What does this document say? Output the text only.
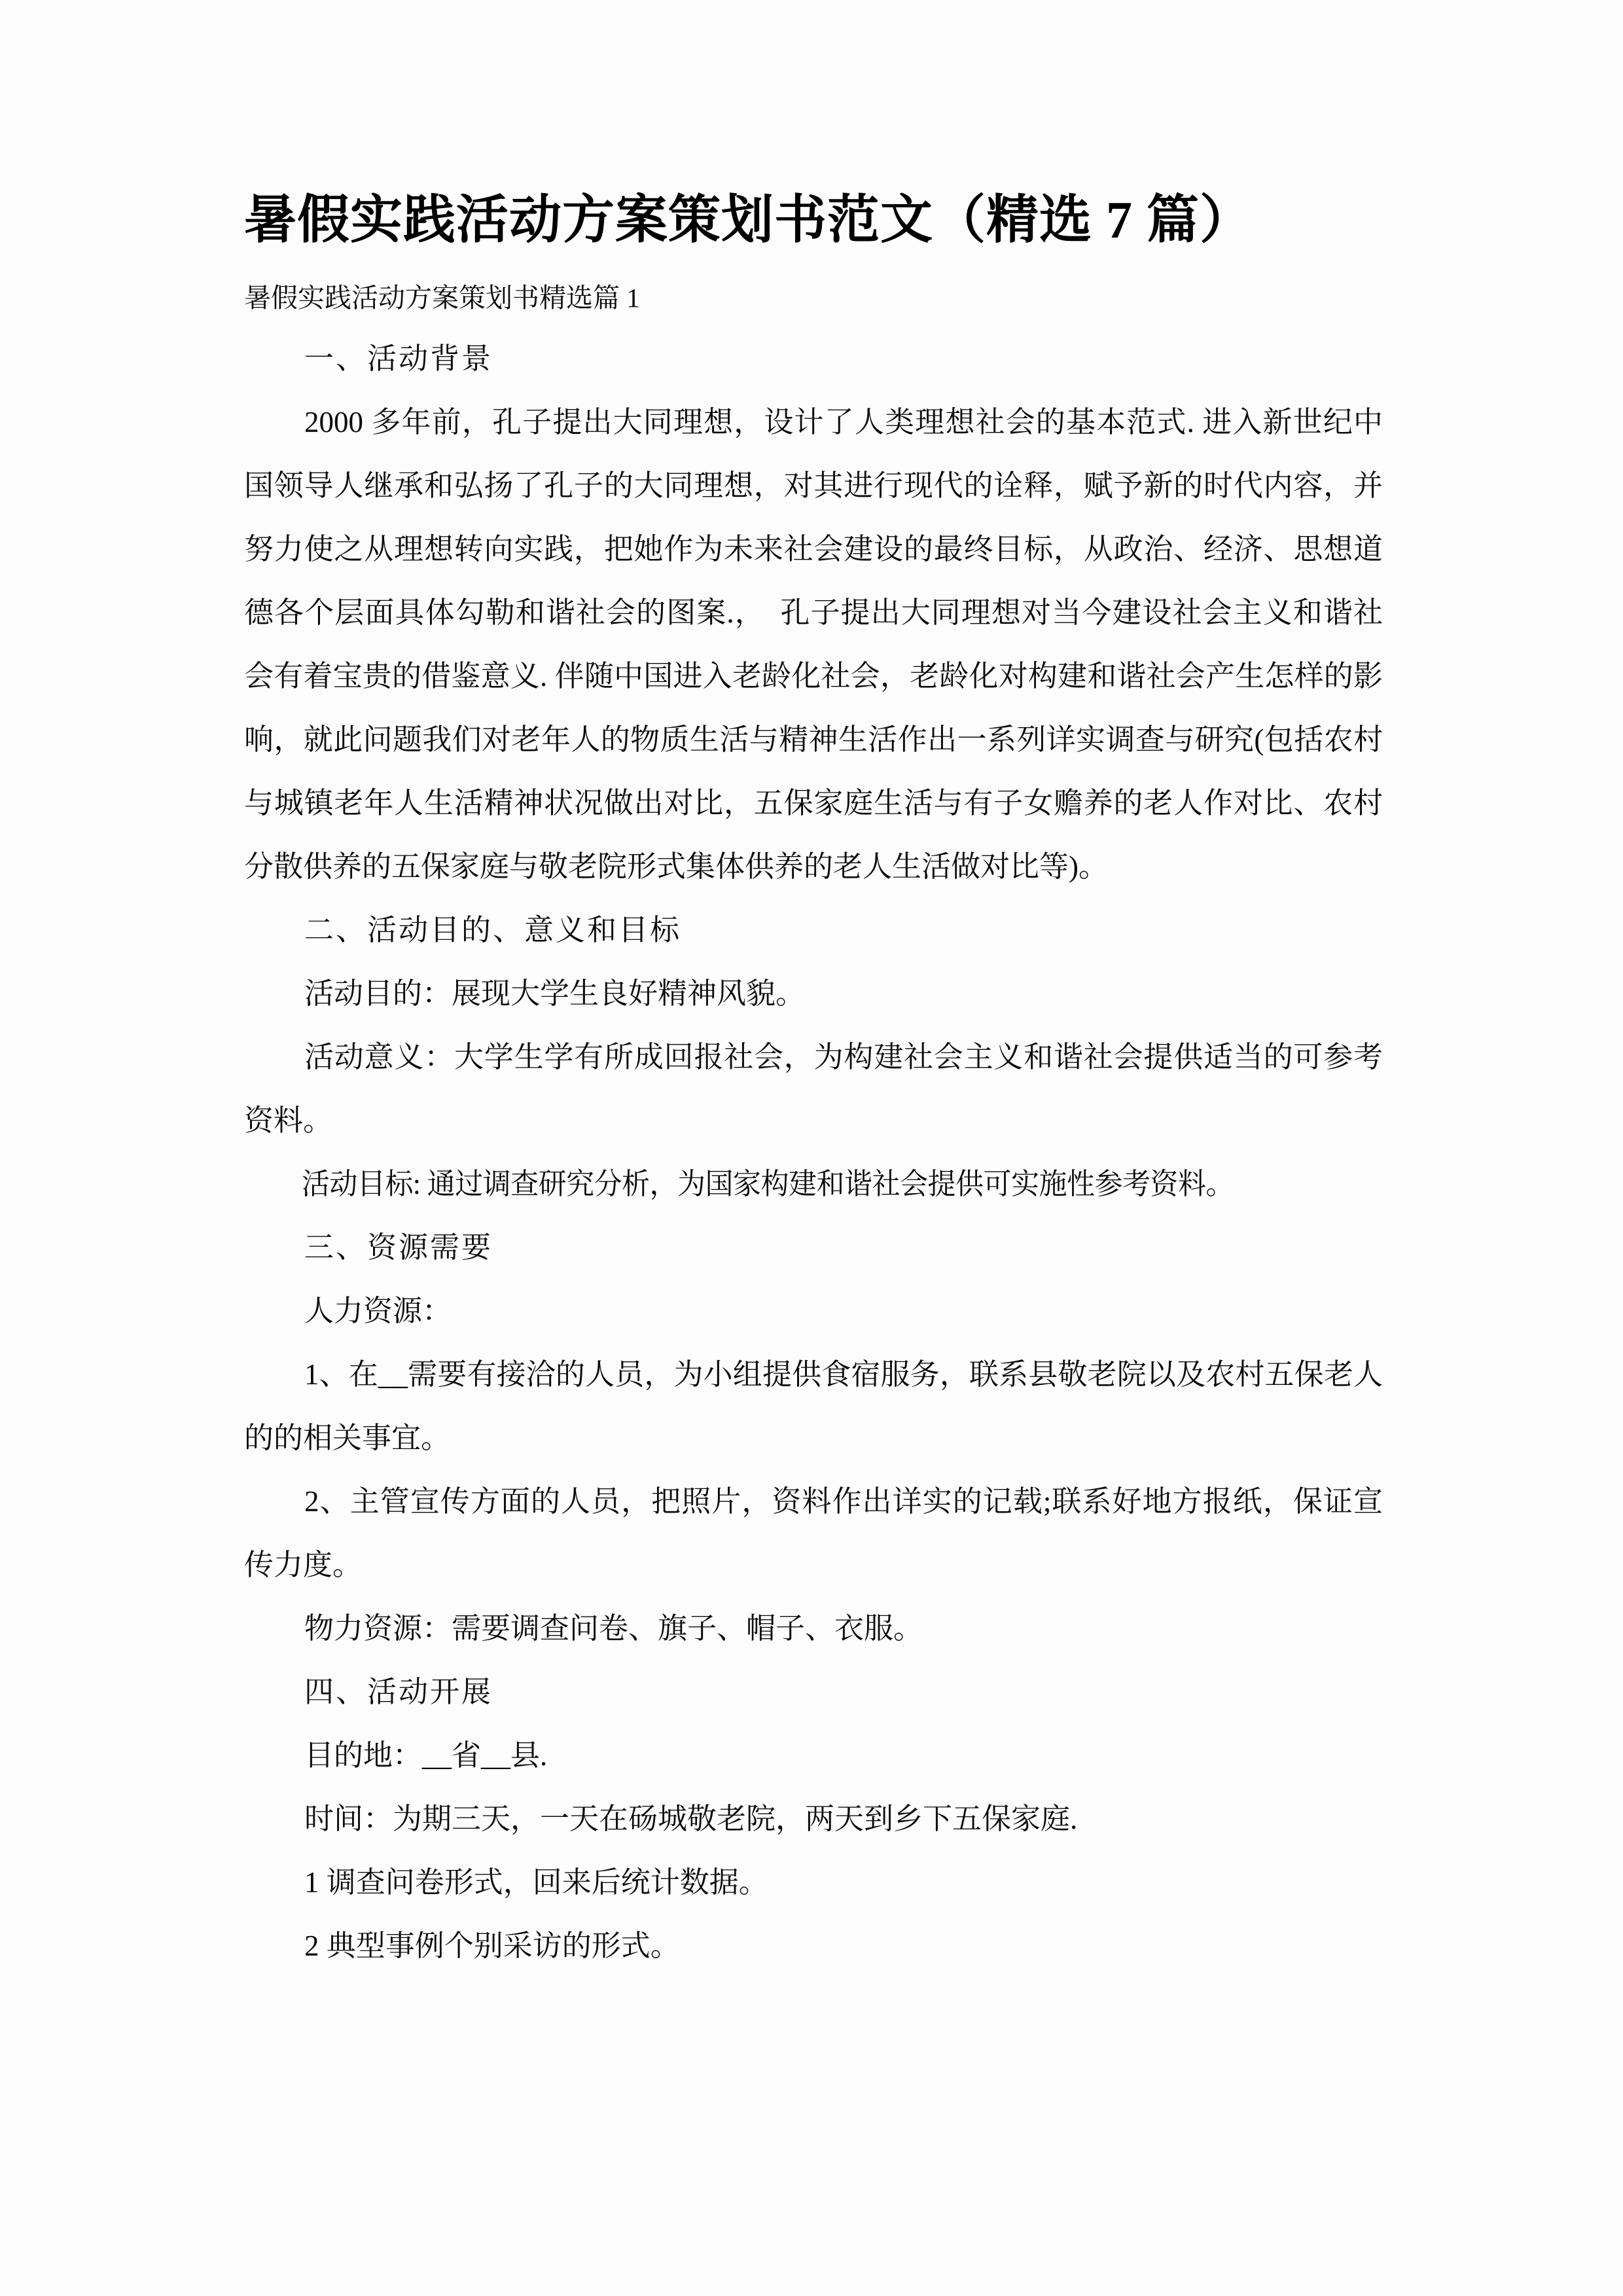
暑假实践活动方案策划书范文（精选 7 篇）

暑假实践活动方案策划书精选篇 1

一、活动背景

2000 多年前，孔子提出大同理想，设计了人类理想社会的基本范式. 进入新世纪中国领导人继承和弘扬了孔子的大同理想，对其进行现代的诠释，赋予新的时代内容，并努力使之从理想转向实践，把她作为未来社会建设的最终目标，从政治、经济、思想道德各个层面具体勾勒和谐社会的图案.，　孔子提出大同理想对当今建设社会主义和谐社会有着宝贵的借鉴意义. 伴随中国进入老龄化社会，老龄化对构建和谐社会产生怎样的影响，就此问题我们对老年人的物质生活与精神生活作出一系列详实调查与研究(包括农村与城镇老年人生活精神状况做出对比，五保家庭生活与有子女赡养的老人作对比、农村分散供养的五保家庭与敬老院形式集体供养的老人生活做对比等)。

二、活动目的、意义和目标

活动目的：展现大学生良好精神风貌。

活动意义：大学生学有所成回报社会，为构建社会主义和谐社会提供适当的可参考资料。

活动目标: 通过调查研究分析，为国家构建和谐社会提供可实施性参考资料。

三、资源需要

人力资源：

1、在__需要有接洽的人员，为小组提供食宿服务，联系县敬老院以及农村五保老人的的相关事宜。

2、主管宣传方面的人员，把照片，资料作出详实的记载;联系好地方报纸，保证宣传力度。

物力资源：需要调查问卷、旗子、帽子、衣服。

四、活动开展

目的地：__省__县.

时间：为期三天，一天在砀城敬老院，两天到乡下五保家庭.

1 调查问卷形式，回来后统计数据。

2 典型事例个别采访的形式。
